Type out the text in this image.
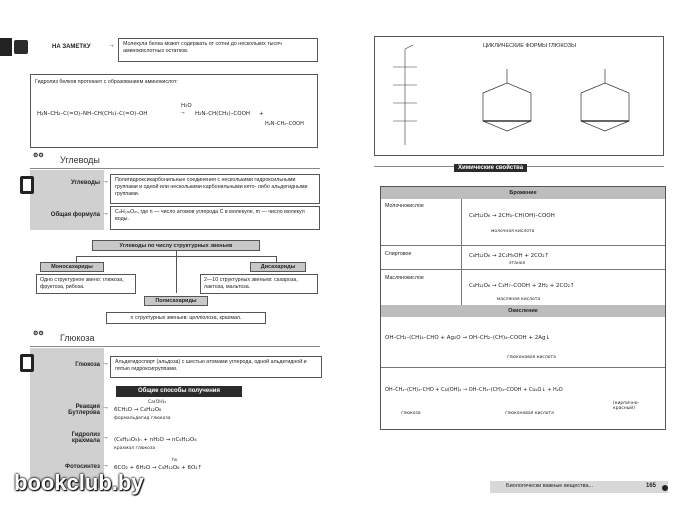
НА ЗАМЕТКУ →	Молекула белка может содержать от сотни до нескольких тысяч аминокислотных остатков.
Гидролиз белков протекает с образованием аминокислот:
H₂N–CH₂–C(=O)–NH–CH(CH₃)–C(=O)–OH
H₂O
→ H₂N–CH(CH₃)–COOH +
H₂N–CH₂–COOH
⚙⚙ Углеводы
Углеводы →	Полигидроксикарбонильные соединения с несколькими гидроксильными группами и одной или несколькими карбонильными кето- либо альдегидными группами.
Общая формула →	CₙH₂ₘOₘ, где n — число атомов углерода С в молекуле, m — число молекул воды.
Углеводы по числу структурных звеньев
Моносахариды
Одно структурное звено: глюкоза, фруктоза, рибоза.
Дисахариды
2—10 структурных звеньев: сахароза, лактоза, мальтоза.
Полисахариды
n структурных звеньев: целлюлоза, крахмал.
⚙⚙ Глюкоза
Глюкоза →	Альдегидоспирт (альдоза) с шестью атомами углерода, одной альдегидной и пятью гидроксигруппами.
Общие способы получения
Реакция Бутлерова
→
Ca(OH)₂
6CH₂O → C₆H₁₂O₆
формальдегид глюкоза
Гидролиз крахмала → (C₆H₁₀O₅)ₙ + nH₂O → nC₆H₁₂O₆
крахмал глюкоза
Фотосинтез →
hν
6CO₂ + 6H₂O → C₆H₁₂O₆ + 6O₂↑
bookclub.by
ЦИКЛИЧЕСКИЕ ФОРМЫ ГЛЮКОЗЫ
Химические свойства
Брожение
Молочнокислое
C₆H₁₂O₆ → 2CH₃–CH(OH)–COOH
молочная кислота
Спиртовое	C₆H₁₂O₆ → 2C₂H₅OH + 2CO₂↑
этанол
Маслянокислое
C₆H₁₂O₆ → C₃H₇–COOH + 2H₂ + 2CO₂↑
масляная кислота
Окисление
OH–CH₂–(CH)₄–CHO + Ag₂O → OH–CH₂–(CH)₄–COOH + 2Ag↓
глюконовая кислота
OH–CH₂–(CH)₄–CHO + Cu(OH)₂ → OH–CH₂–(CH)₄–COOH + Cu₂O↓ + H₂O
глюкоза	глюконовая кислота
(кирпично-красный)
Биологически важные вещества...	165
